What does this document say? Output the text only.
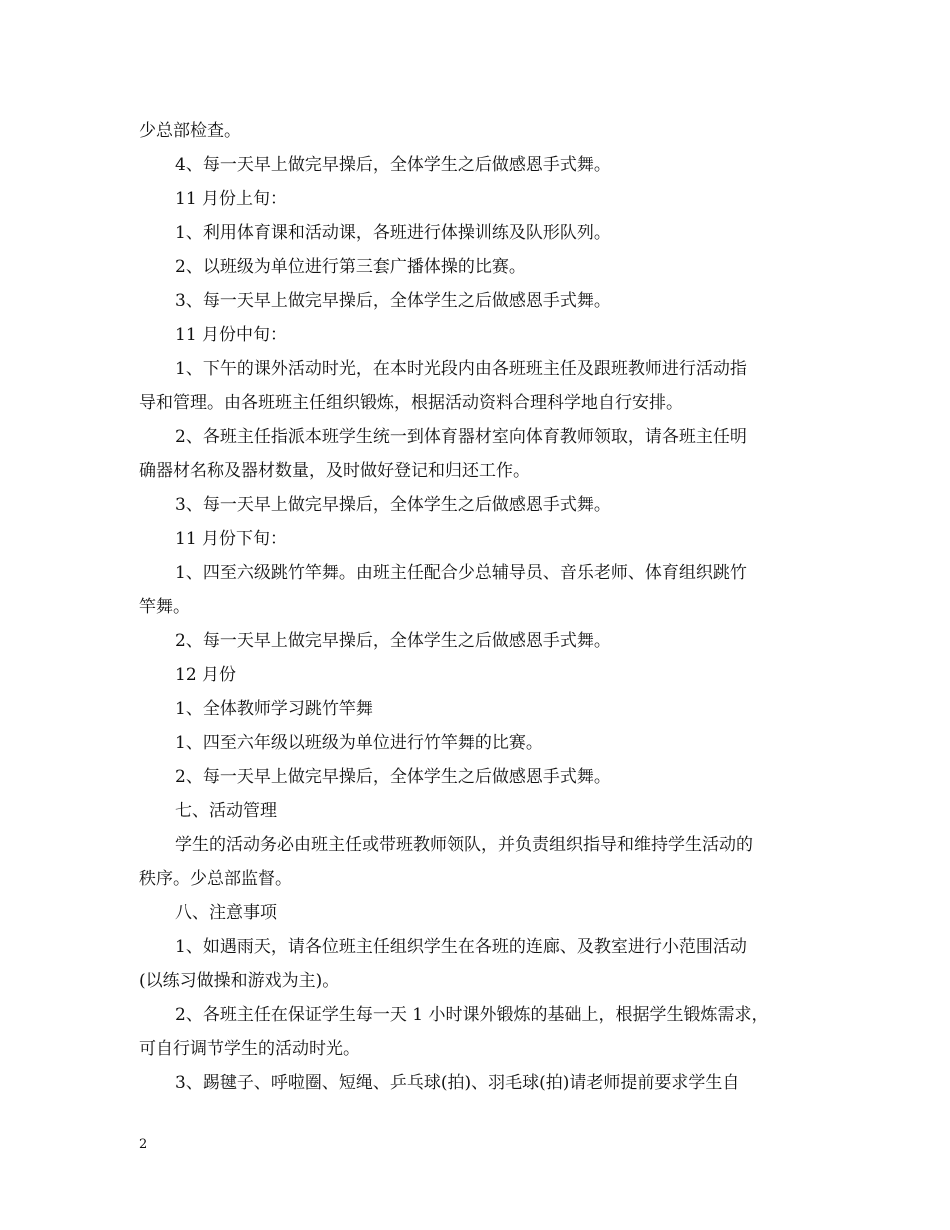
少总部检查。
4、每一天早上做完早操后，全体学生之后做感恩手式舞。
11 月份上旬：
1、利用体育课和活动课，各班进行体操训练及队形队列。
2、以班级为单位进行第三套广播体操的比赛。
3、每一天早上做完早操后，全体学生之后做感恩手式舞。
11 月份中旬：
1、下午的课外活动时光，在本时光段内由各班班主任及跟班教师进行活动指
导和管理。由各班班主任组织锻炼，根据活动资料合理科学地自行安排。
2、各班主任指派本班学生统一到体育器材室向体育教师领取，请各班主任明
确器材名称及器材数量，及时做好登记和归还工作。
3、每一天早上做完早操后，全体学生之后做感恩手式舞。
11 月份下旬：
1、四至六级跳竹竿舞。由班主任配合少总辅导员、音乐老师、体育组织跳竹
竿舞。
2、每一天早上做完早操后，全体学生之后做感恩手式舞。
12 月份
1、全体教师学习跳竹竿舞
1、四至六年级以班级为单位进行竹竿舞的比赛。
2、每一天早上做完早操后，全体学生之后做感恩手式舞。
七、活动管理
学生的活动务必由班主任或带班教师领队，并负责组织指导和维持学生活动的
秩序。少总部监督。
八、注意事项
1、如遇雨天，请各位班主任组织学生在各班的连廊、及教室进行小范围活动
(以练习做操和游戏为主)。
2、各班主任在保证学生每一天 1 小时课外锻炼的基础上，根据学生锻炼需求，
可自行调节学生的活动时光。
3、踢毽子、呼啦圈、短绳、乒乓球(拍)、羽毛球(拍)请老师提前要求学生自
2
